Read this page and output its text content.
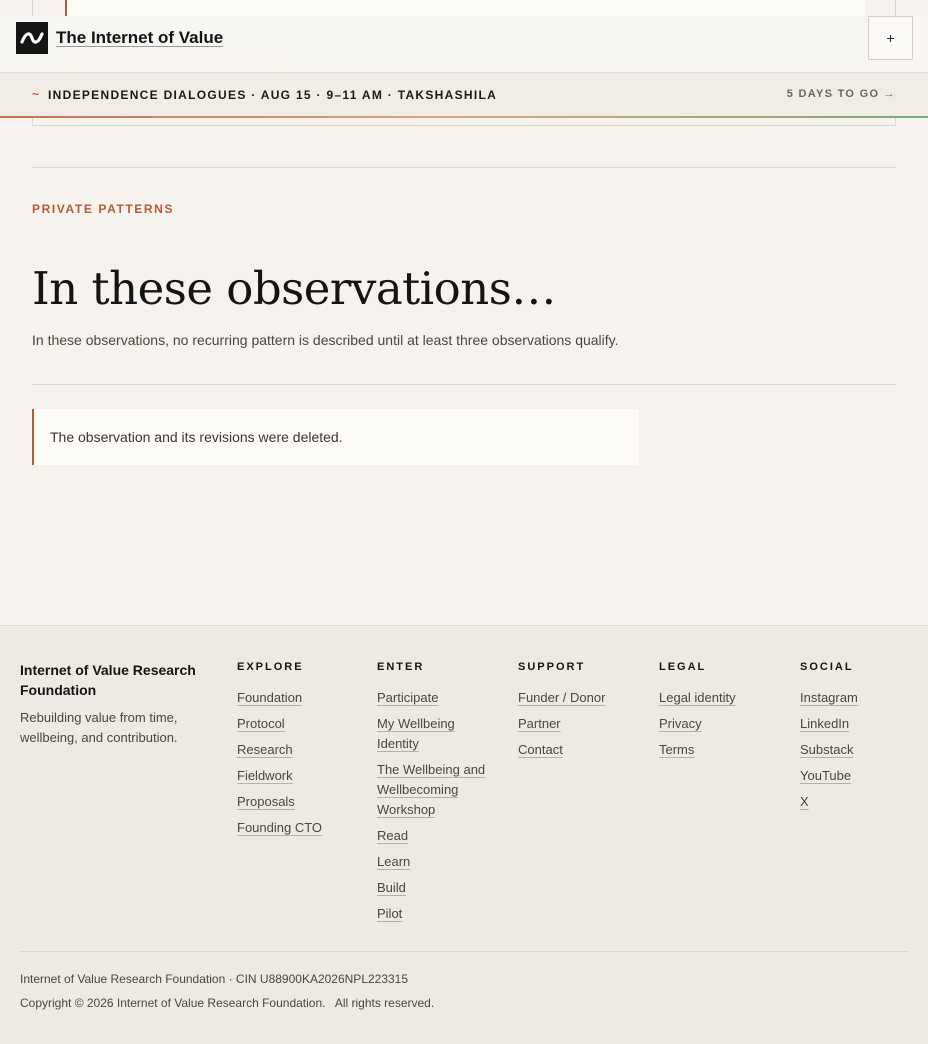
The Internet of Value	+
~ INDEPENDENCE DIALOGUES · AUG 15 · 9–11 AM · TAKSHASHILA	5 DAYS TO GO →
PRIVATE PATTERNS
In these observations…

In these observations, no recurring pattern is described until at least three observations qualify.

The observation and its revisions were deleted.
Internet of Value Research Foundation
Rebuilding value from time, wellbeing, and contribution.
EXPLORE
Foundation
Protocol
Research
Fieldwork
Proposals
Founding CTO
ENTER
Participate
My Wellbeing Identity
The Wellbeing and Wellbecoming Workshop
Read
Learn
Build
Pilot
SUPPORT
Funder / Donor
Partner
Contact
LEGAL
Legal identity
Privacy
Terms
SOCIAL
Instagram
LinkedIn
Substack
YouTube
X
Internet of Value Research Foundation · CIN U88900KA2026NPL223315
Copyright © 2026 Internet of Value Research Foundation.   All rights reserved.
